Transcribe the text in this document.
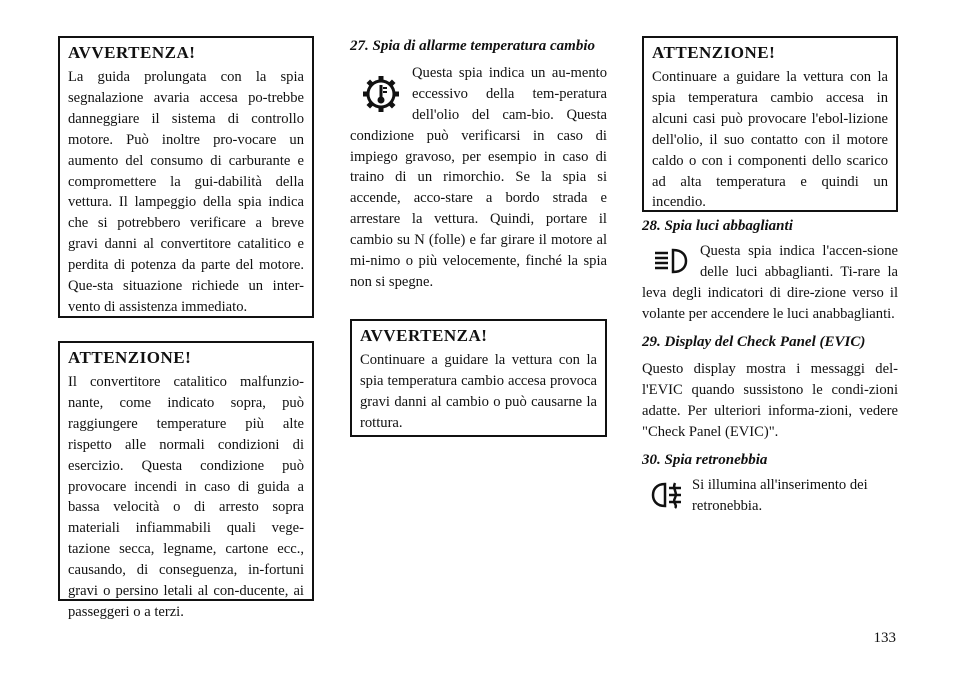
AVVERTENZA!

La guida prolungata con la spia segnalazione avaria accesa po-trebbe danneggiare il sistema di controllo motore. Può inoltre pro-vocare un aumento del consumo di carburante e compromettere la gui-dabilità della vettura. Il lampeggio della spia indica che si potrebbero verificare a breve gravi danni al convertitore catalitico e perdita di potenza da parte del motore. Que-sta situazione richiede un inter-vento di assistenza immediato.

ATTENZIONE!

Il convertitore catalitico malfunzio-nante, come indicato sopra, può raggiungere temperature più alte rispetto alle normali condizioni di esercizio. Questa condizione può provocare incendi in caso di guida a bassa velocità o di arresto sopra materiali infiammabili quali vege-tazione secca, legname, cartone ecc., causando, di conseguenza, in-fortuni gravi o persino letali al con-ducente, ai passeggeri o a terzi.

27. Spia di allarme temperatura cambio

Questa spia indica un au-mento eccessivo della tem-peratura dell'olio del cam-bio. Questa condizione può verificarsi in caso di impiego gravoso, per esempio in caso di traino di un rimorchio. Se la spia si accende, acco-stare a bordo strada e arrestare la vettura. Quindi, portare il cambio su N (folle) e far girare il motore al mi-nimo o più velocemente, finché la spia non si spegne.

AVVERTENZA!

Continuare a guidare la vettura con la spia temperatura cambio accesa provoca gravi danni al cambio o può causarne la rottura.

ATTENZIONE!

Continuare a guidare la vettura con la spia temperatura cambio accesa in alcuni casi può provocare l'ebol-lizione dell'olio, il suo contatto con il motore caldo o con i componenti dello scarico ad alta temperatura e quindi un incendio.

28. Spia luci abbaglianti

Questa spia indica l'accen-sione delle luci abbaglianti. Ti-rare la leva degli indicatori di dire-zione verso il volante per accendere le luci anabbaglianti.

29. Display del Check Panel (EVIC)

Questo display mostra i messaggi del-l'EVIC quando sussistono le condi-zioni adatte. Per ulteriori informa-zioni, vedere "Check Panel (EVIC)".

30. Spia retronebbia

Si illumina all'inserimento dei retronebbia.

133
